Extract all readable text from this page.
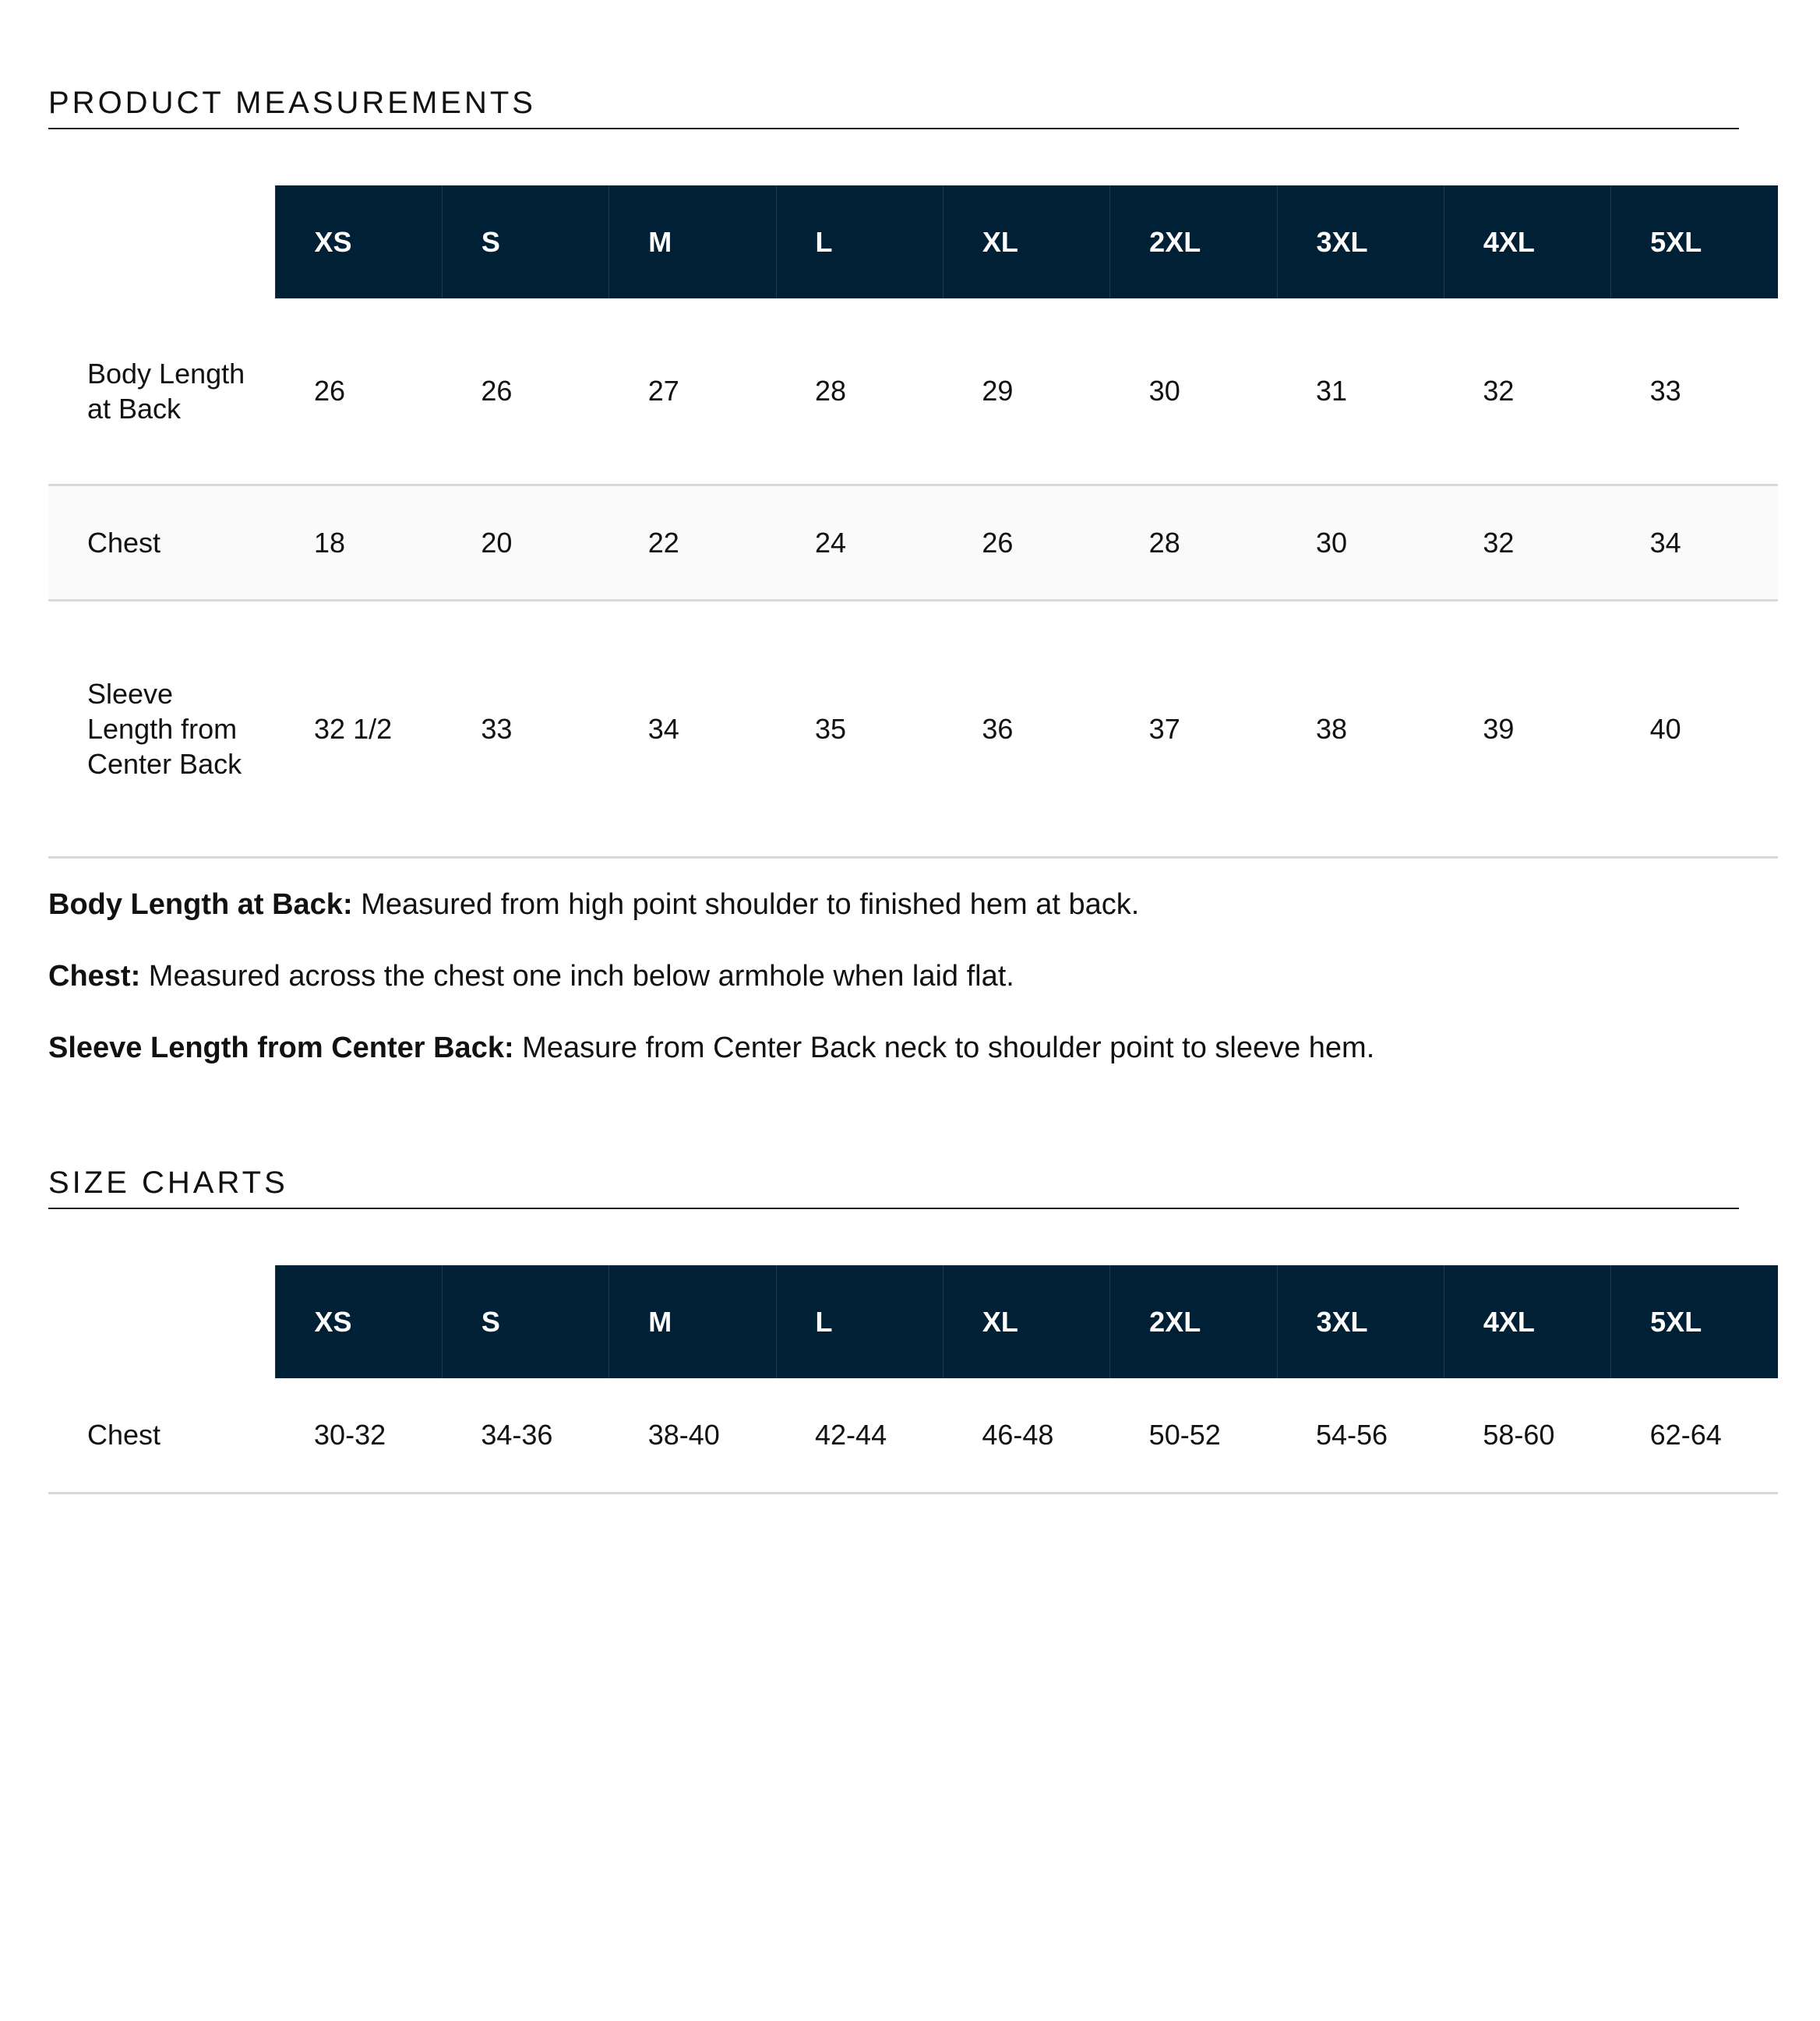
PRODUCT MEASUREMENTS
	XS	S	M	L	XL	2XL	3XL	4XL	5XL
Body Length at Back	26	26	27	28	29	30	31	32	33
Chest	18	20	22	24	26	28	30	32	34
Sleeve Length from Center Back	32 1/2	33	34	35	36	37	38	39	40

Body Length at Back: Measured from high point shoulder to finished hem at back.

Chest: Measured across the chest one inch below armhole when laid flat.

Sleeve Length from Center Back: Measure from Center Back neck to shoulder point to sleeve hem.

SIZE CHARTS
	XS	S	M	L	XL	2XL	3XL	4XL	5XL
Chest	30-32	34-36	38-40	42-44	46-48	50-52	54-56	58-60	62-64
